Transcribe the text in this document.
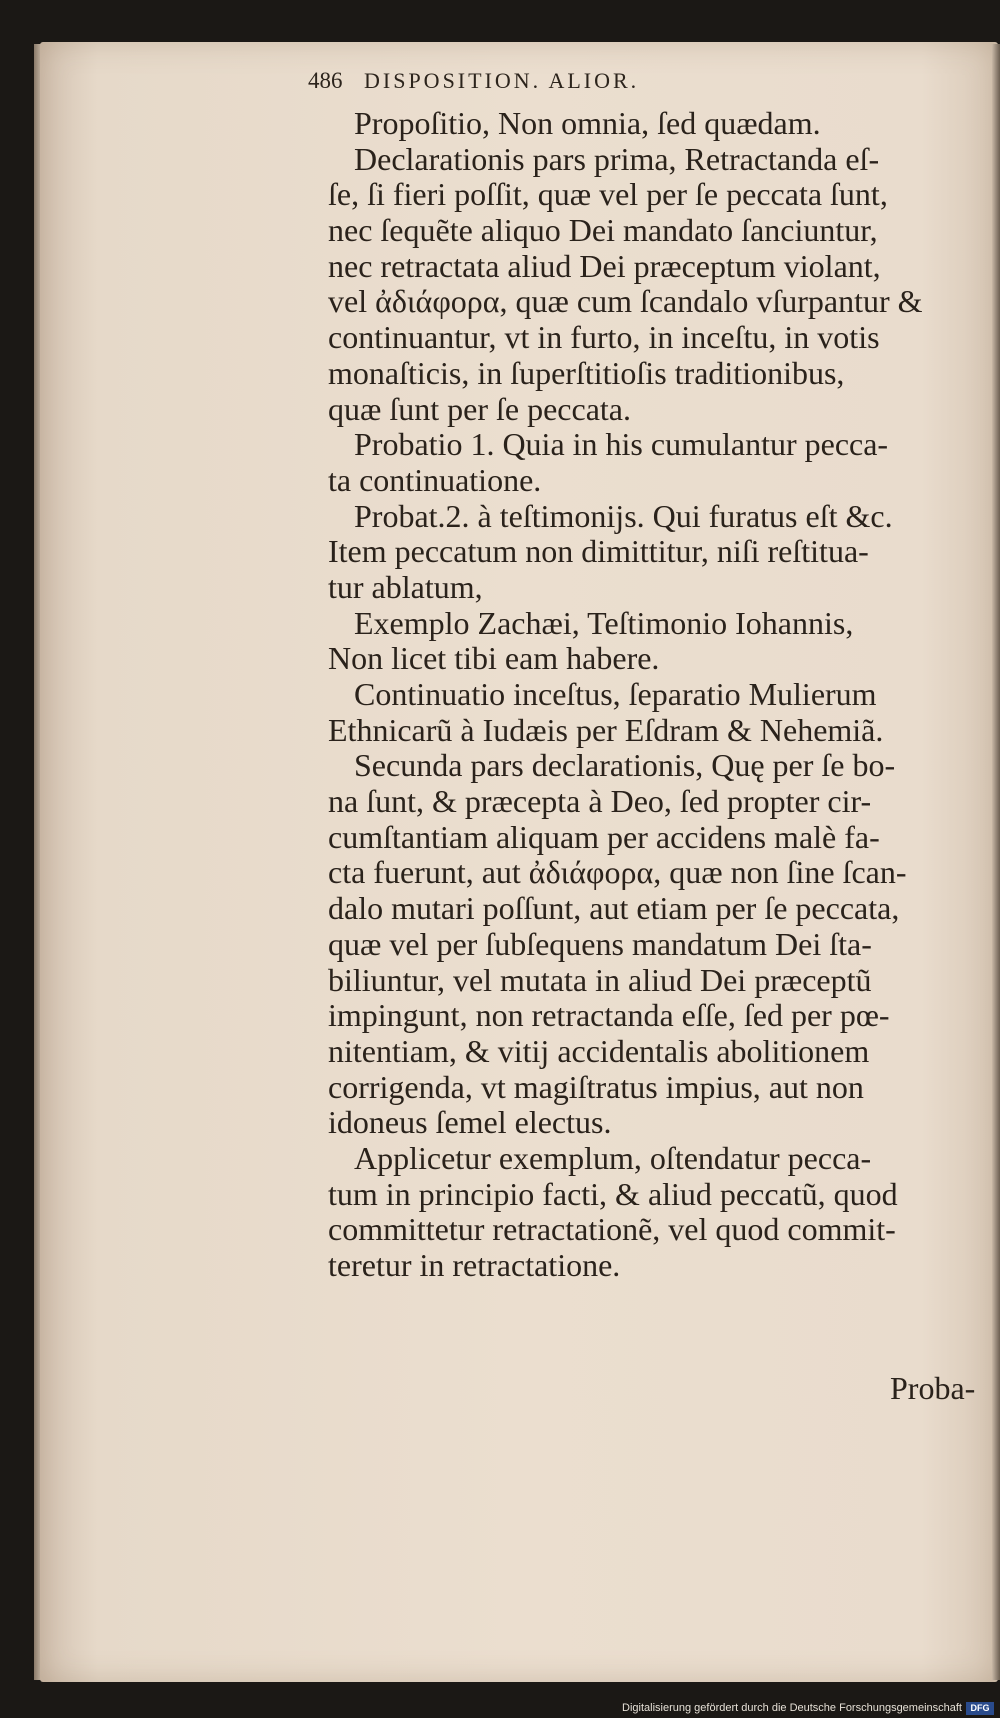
486 DISPOSITION. ALIOR.
Propoſitio, Non omnia, ſed quædam.
Declarationis pars prima, Retractanda eſ-
ſe, ſi fieri poſſit, quæ vel per ſe peccata ſunt,
nec ſequẽte aliquo Dei mandato ſanciuntur,
nec retractata aliud Dei præceptum violant,
vel ἀδιάφορα, quæ cum ſcandalo vſurpantur &
continuantur, vt in furto, in inceſtu, in votis
monaſticis, in ſuperſtitioſis traditionibus,
quæ ſunt per ſe peccata.
Probatio 1. Quia in his cumulantur pecca-
ta continuatione.
Probat.2. à teſtimonijs. Qui furatus eſt &c.
Item peccatum non dimittitur, niſi reſtitua-
tur ablatum,
Exemplo Zachæi, Teſtimonio Iohannis,
Non licet tibi eam habere.
Continuatio inceſtus, ſeparatio Mulierum
Ethnicarũ à Iudæis per Eſdram & Nehemiã.
Secunda pars declarationis, Quę per ſe bo-
na ſunt, & præcepta à Deo, ſed propter cir-
cumſtantiam aliquam per accidens malè fa-
cta fuerunt, aut ἀδιάφορα, quæ non ſine ſcan-
dalo mutari poſſunt, aut etiam per ſe peccata,
quæ vel per ſubſequens mandatum Dei ſta-
biliuntur, vel mutata in aliud Dei præceptũ
impingunt, non retractanda eſſe, ſed per pœ-
nitentiam, & vitij accidentalis abolitionem
corrigenda, vt magiſtratus impius, aut non
idoneus ſemel electus.
Applicetur exemplum, oſtendatur pecca-
tum in principio facti, & aliud peccatũ, quod
committetur retractationẽ, vel quod commit-
teretur in retractatione.
Proba-
Digitalisierung gefördert durch die Deutsche Forschungsgemeinschaft DFG
